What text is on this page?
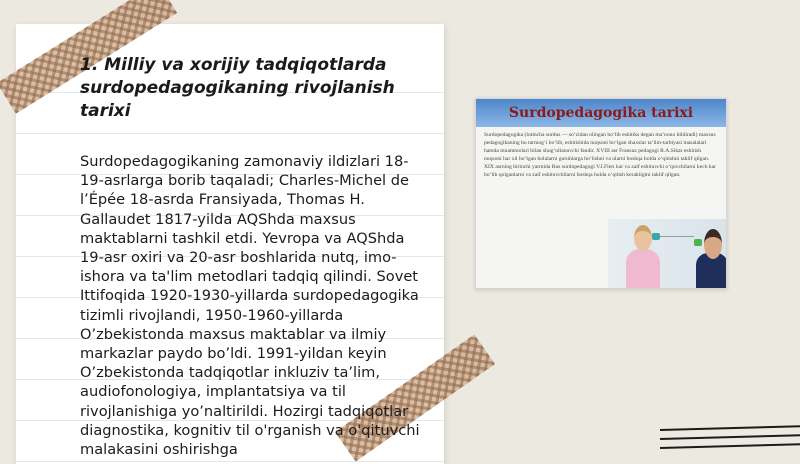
1. Milliy va xorijiy tadqiqotlarda surdopedagogikaning rivojlanish tarixi

Surdopedagogikaning zamonaviy ildizlari 18-19-asrlarga borib taqaladi; Charles-Michel de l’Épée 18-asrda Fransiyada, Thomas H. Gallaudet 1817-yilda AQShda maxsus maktablarni tashkil etdi. Yevropa va AQShda 19-asr oxiri va 20-asr boshlarida nutq, imo-ishora va ta'lim metodlari tadqiq qilindi. Sovet Ittifoqida 1920-1930-yillarda surdopedagogika tizimli rivojlandi, 1950-1960-yillarda O’zbekistonda maxsus maktablar va ilmiy markazlar paydo bo’ldi. 1991-yildan keyin O’zbekistonda tadqiqotlar inkluziv ta’lim, audiofonologiya, implantatsiya va til rivojlanishiga yo’naltirildi. Hozirgi tadqiqotlar diagnostika, kognitiv til o'rganish va o'qituvchi malakasini oshirishga

Surdopedagogika tarixi
Surdopedagogika (lotincha surdus — so‘zidan olingan bo‘lib eshitiks degan ma’nono bildiradi) maxsus pedagogikaning bu tarmog‘i bo‘lib, eshitishida nuqsoni bo‘lgan shaxslar ta’lim-tarbiyasi masalalari hamda muammolari bilan shug‘ullanuvchi fandir. XVIII asr Fransuz pedagogi R.A.Sikar eshitish nuqsoni har xil bo‘lgan bolalarni guruhlarga bo‘lishni va ularni boshqa holda o‘qitishni taklif qilgan. XIX asrning birinchi yarmida Rus surdopedagogi V.I.Flerı kar va zaif eshituvchi o‘quvchilarni kech kar bo‘lib qolganlarni va zaif eshituvchilarni boshqa holda o‘qitish kerakligini taklif qilgan.
